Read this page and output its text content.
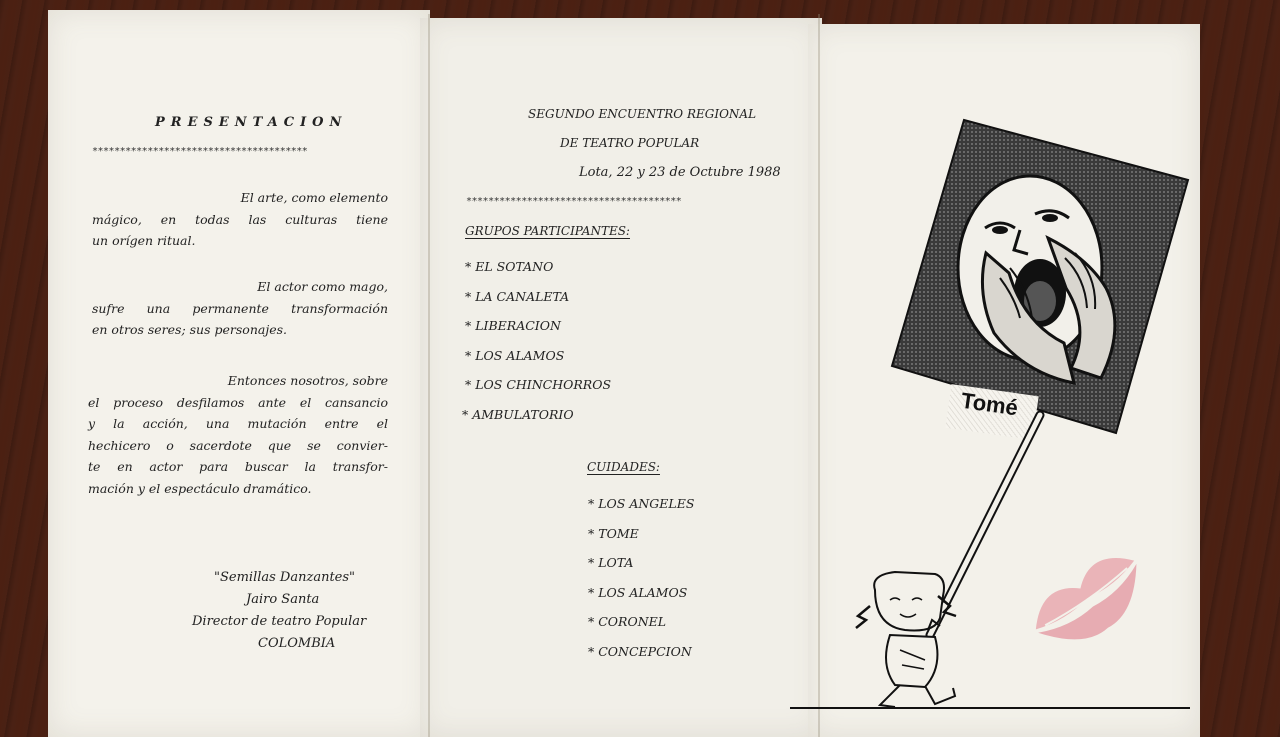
PRESENTACION
***************************************
El arte, como elemento
mágico, en todas las culturas tiene
un orígen ritual.
El actor como mago,
sufre una permanente transformación
en otros seres; sus personajes.
Entonces nosotros, sobre
el proceso desfilamos ante el cansancio
y la acción, una mutación entre el
hechicero o sacerdote que se convier-
te en actor para buscar la transfor-
mación y el espectáculo dramático.
"Semillas Danzantes"
Jairo Santa
Director de teatro Popular
COLOMBIA
SEGUNDO ENCUENTRO REGIONAL
DE TEATRO POPULAR
Lota, 22 y 23 de Octubre 1988
***************************************
GRUPOS PARTICIPANTES:
* EL SOTANO
* LA CANALETA
* LIBERACION
* LOS ALAMOS
* LOS CHINCHORROS
* AMBULATORIO
CUIDADES:
* LOS ANGELES
* TOME
* LOTA
* LOS ALAMOS
* CORONEL
* CONCEPCION
Tomé
